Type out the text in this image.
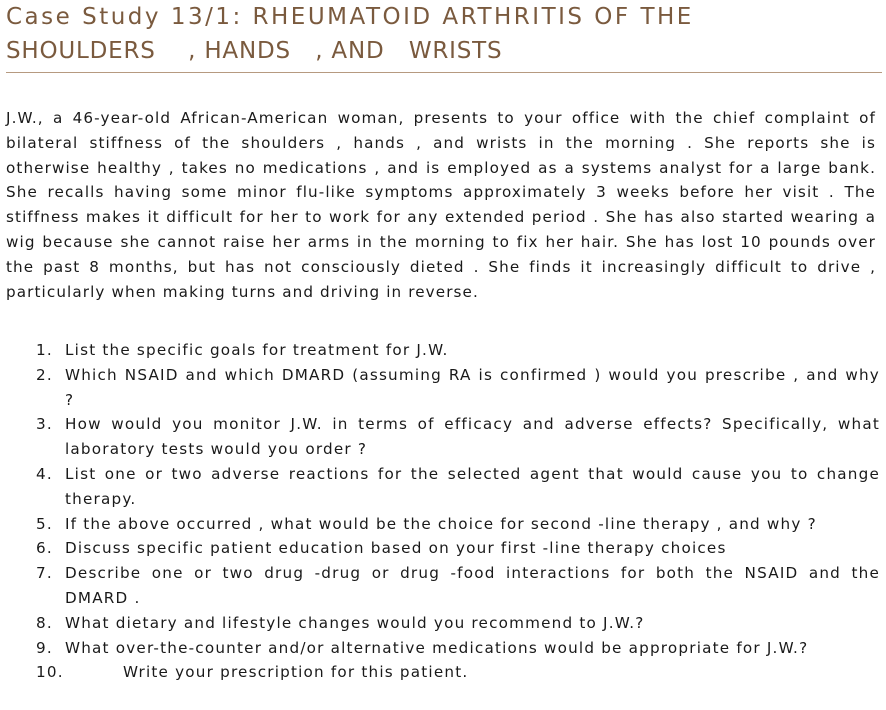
Case Study 13/1: RHEUMATOID ARTHRITIS OF THE
SHOULDERS    , HANDS   , AND   WRISTS
J.W., a 46-year-old African-American woman, presents to your office with the chief complaint of bilateral stiffness of the shoulders , hands , and wrists in the morning . She reports she is otherwise healthy , takes no medications , and is employed as a systems analyst for a large bank. She recalls having some minor flu-like symptoms approximately 3 weeks before her visit . The stiffness makes it difficult for her to work for any extended period . She has also started wearing a wig because she cannot raise her arms in the morning to fix her hair. She has lost 10 pounds over the past 8 months, but has not consciously dieted . She finds it increasingly difficult to drive , particularly when making turns and driving in reverse.
1. List the specific goals for treatment for J.W.
2. Which NSAID and which DMARD (assuming RA is confirmed ) would you prescribe , and why ?
3. How would you monitor J.W. in terms of efficacy and adverse effects? Specifically, what laboratory tests would you order ?
4. List one or two adverse reactions for the selected agent that would cause you to change therapy.
5. If the above occurred , what would be the choice for second -line therapy , and why ?
6. Discuss specific patient education based on your first -line therapy choices
7. Describe one or two drug -drug or drug -food interactions for both the NSAID and the DMARD .
8. What dietary and lifestyle changes would you recommend to J.W.?
9. What over-the-counter and/or alternative medications would be appropriate for J.W.?
10.	Write your prescription for this patient.
